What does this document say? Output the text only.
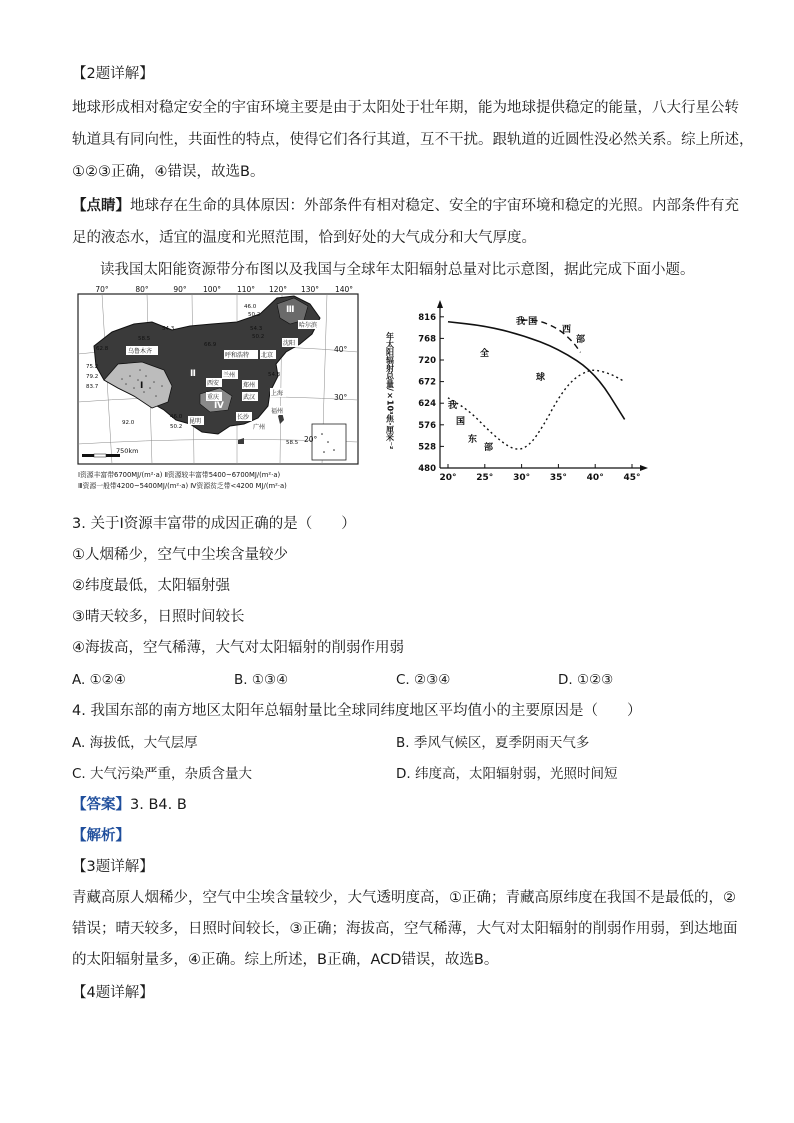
【2题详解】
地球形成相对稳定安全的宇宙环境主要是由于太阳处于壮年期，能为地球提供稳定的能量，八大行星公转
轨道具有同向性，共面性的特点，使得它们各行其道，互不干扰。跟轨道的近圆性没必然关系。综上所述，
①②③正确，④错误，故选B。
【点睛】地球存在生命的具体原因：外部条件有相对稳定、安全的宇宙环境和稳定的光照。内部条件有充
足的液态水，适宜的温度和光照范围，恰到好处的大气成分和大气厚度。
读我国太阳能资源带分布图以及我国与全球年太阳辐射总量对比示意图，据此完成下面小题。
70°	80°	90° 100° 110° 120° 130° 140°
40°
30°
20°
46.0
50.2
54.3
58.5
62.8
66.9
75.2
79.2
83.7
92.0
54.3
50.2
54.3
46.0
50.2
58.5
乌鲁木齐
呼和浩特 北京
沈阳
哈尔滨
兰州
西安	郑州
上海
重庆	武汉
福州
昆明
长沙
广州
Ⅰ
Ⅱ
Ⅲ
Ⅳ
750km
Ⅰ资源丰富带6700MJ/(m²·a) Ⅱ资源较丰富带5400~6700MJ/(m²·a)
Ⅲ资源一般带4200~5400MJ/(m²·a) Ⅳ资源贫乏带<4200 MJ/(m²·a)
年太阳辐射总量/×10³焦·厘米⁻²
816
768
720
672
624
576
528
480
20° 25° 30° 35° 40° 45°
全
球
我 国
西
部
我
国
东
部
3. 关于Ⅰ资源丰富带的成因正确的是（　　）
①人烟稀少，空气中尘埃含量较少
②纬度最低，太阳辐射强
③晴天较多，日照时间较长
④海拔高，空气稀薄，大气对太阳辐射的削弱作用弱
A. ①②④	B. ①③④	C. ②③④	D. ①②③
4. 我国东部的南方地区太阳年总辐射量比全球同纬度地区平均值小的主要原因是（　　）
A. 海拔低，大气层厚	B. 季风气候区，夏季阴雨天气多
C. 大气污染严重，杂质含量大	D. 纬度高，太阳辐射弱，光照时间短
【答案】3. B4. B
【解析】
【3题详解】
青藏高原人烟稀少，空气中尘埃含量较少，大气透明度高，①正确；青藏高原纬度在我国不是最低的，②
错误；晴天较多，日照时间较长，③正确；海拔高，空气稀薄，大气对太阳辐射的削弱作用弱，到达地面
的太阳辐射量多，④正确。综上所述，B正确，ACD错误，故选B。
【4题详解】
